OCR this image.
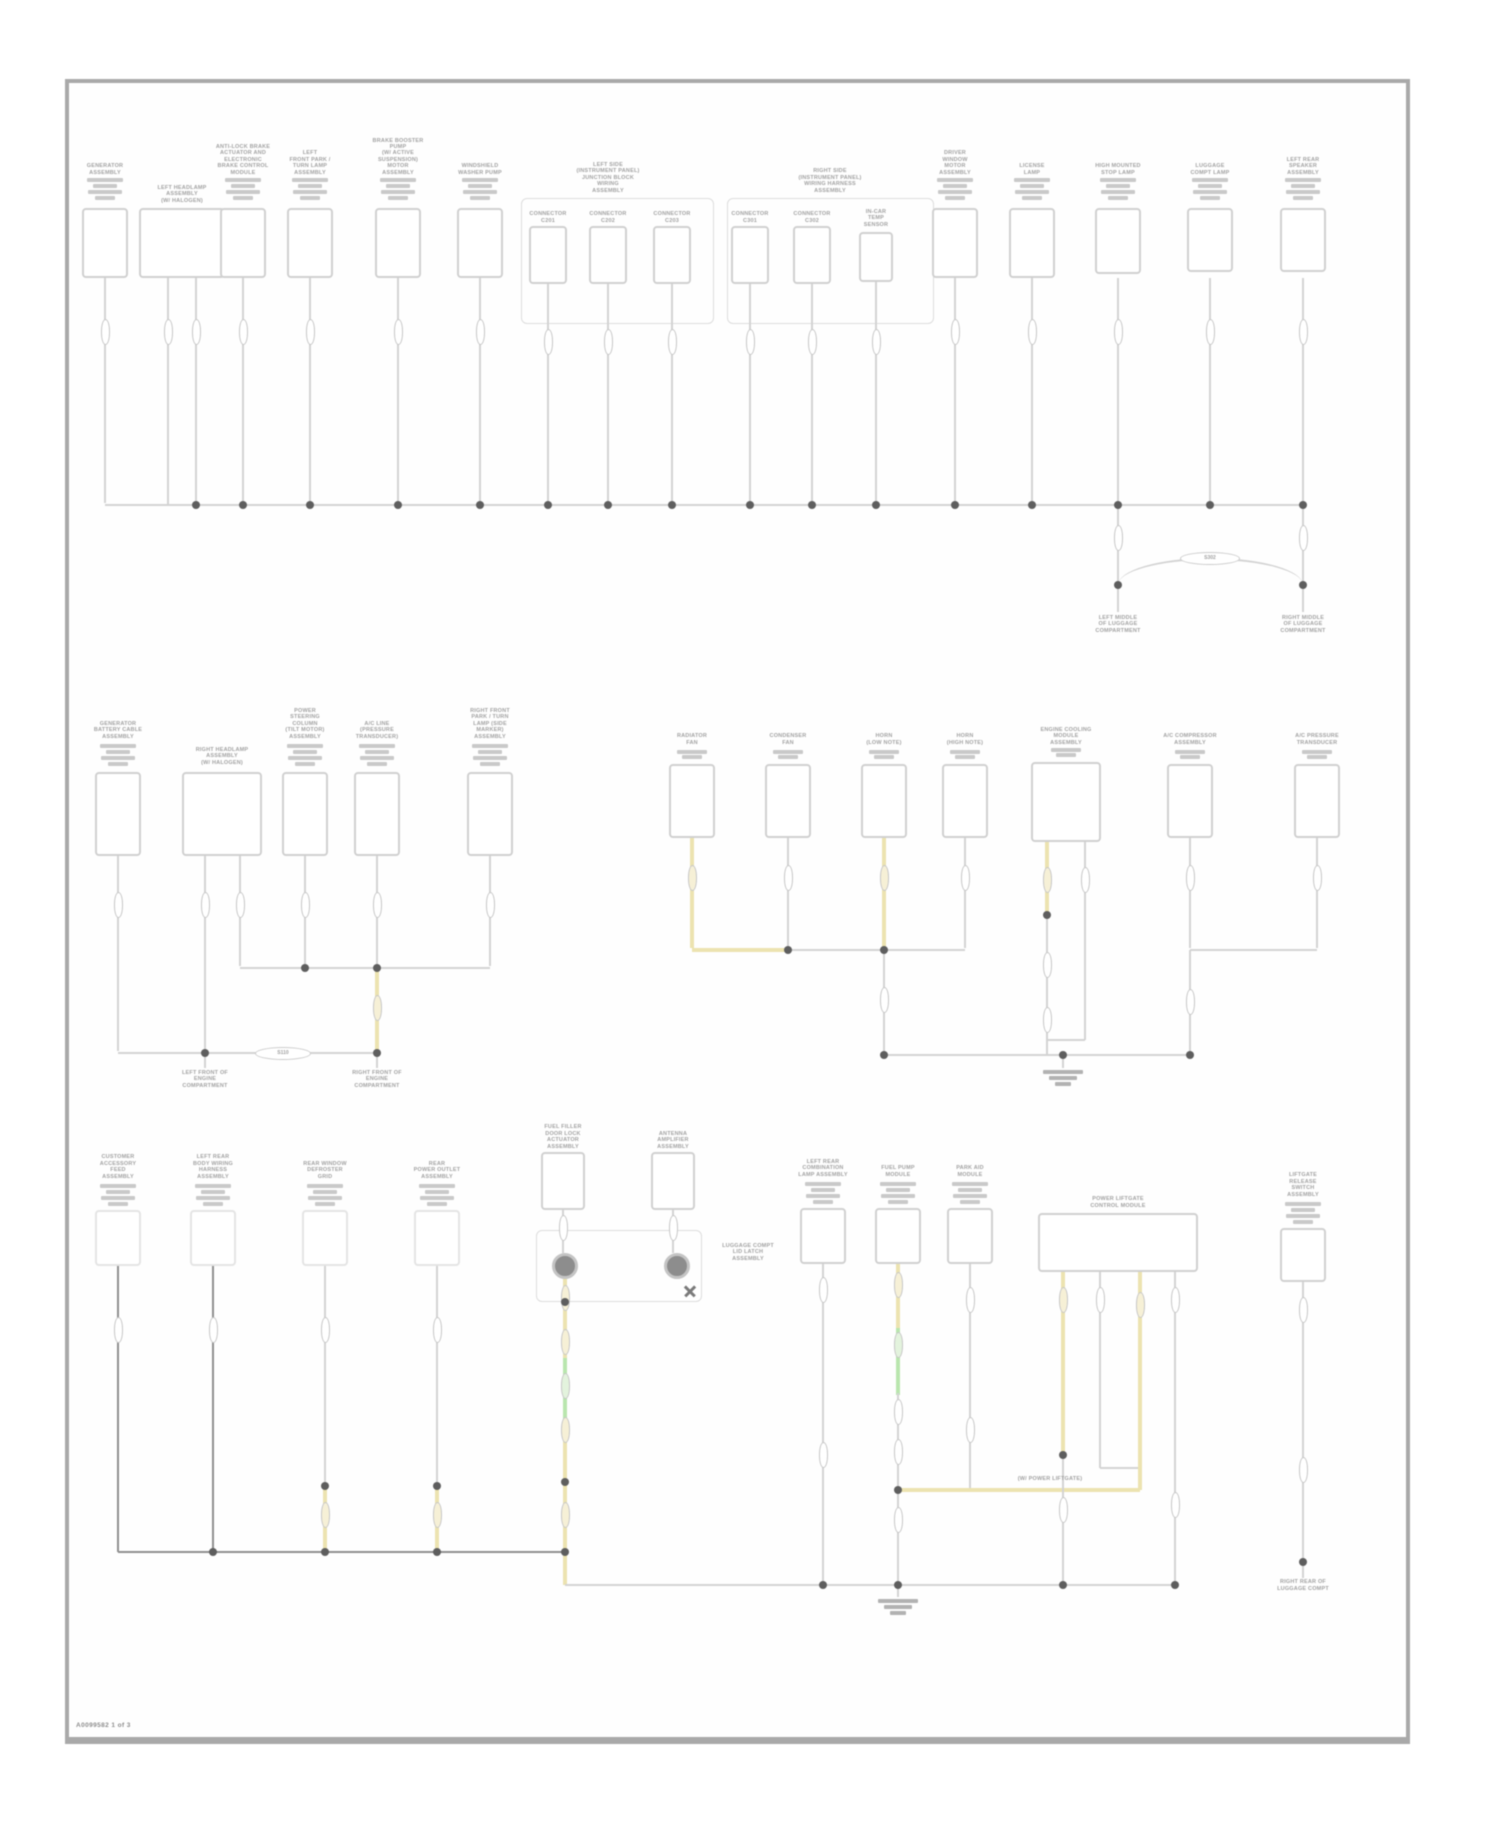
A0099582 1 of 3
S302
S110
GENERATOR
ASSEMBLY
LEFT HEADLAMP
ASSEMBLY
(W/ HALOGEN)
ANTI-LOCK BRAKE
ACTUATOR AND
ELECTRONIC
BRAKE CONTROL
MODULE
LEFT
FRONT PARK /
TURN LAMP
ASSEMBLY
BRAKE BOOSTER
PUMP
(W/ ACTIVE
SUSPENSION)
MOTOR
ASSEMBLY
WINDSHIELD
WASHER PUMP
LEFT SIDE
(INSTRUMENT PANEL)
JUNCTION BLOCK
WIRING
ASSEMBLY
CONNECTOR
C201
CONNECTOR
C202
CONNECTOR
C203
RIGHT SIDE
(INSTRUMENT PANEL)
WIRING HARNESS
ASSEMBLY
CONNECTOR
C301
CONNECTOR
C302
IN-CAR
TEMP
SENSOR
DRIVER
WINDOW
MOTOR
ASSEMBLY
LICENSE
LAMP
HIGH MOUNTED
STOP LAMP
LUGGAGE
COMPT LAMP
LEFT REAR
SPEAKER
ASSEMBLY
LEFT MIDDLE
OF LUGGAGE
COMPARTMENT
RIGHT MIDDLE
OF LUGGAGE
COMPARTMENT
GENERATOR
BATTERY CABLE
ASSEMBLY
RIGHT HEADLAMP
ASSEMBLY
(W/ HALOGEN)
POWER
STEERING
COLUMN
(TILT MOTOR)
ASSEMBLY
A/C LINE
(PRESSURE
TRANSDUCER)
RIGHT FRONT
PARK / TURN
LAMP (SIDE
MARKER)
ASSEMBLY
LEFT FRONT OF
ENGINE
COMPARTMENT
RIGHT FRONT OF
ENGINE
COMPARTMENT
RADIATOR
FAN
CONDENSER
FAN
HORN
(LOW NOTE)
HORN
(HIGH NOTE)
ENGINE COOLING
MODULE
ASSEMBLY
A/C COMPRESSOR
ASSEMBLY
A/C PRESSURE
TRANSDUCER
CUSTOMER
ACCESSORY
FEED
ASSEMBLY
LEFT REAR
BODY WIRING
HARNESS
ASSEMBLY
REAR WINDOW
DEFROSTER
GRID
REAR
POWER OUTLET
ASSEMBLY
FUEL FILLER
DOOR LOCK
ACTUATOR
ASSEMBLY
ANTENNA
AMPLIFIER
ASSEMBLY
LUGGAGE COMPT
LID LATCH
ASSEMBLY
LEFT REAR
COMBINATION
LAMP ASSEMBLY
FUEL PUMP
MODULE
PARK AID
MODULE
POWER LIFTGATE
CONTROL MODULE
(W/ POWER LIFTGATE)
LIFTGATE
RELEASE
SWITCH
ASSEMBLY
RIGHT REAR OF
LUGGAGE COMPT
